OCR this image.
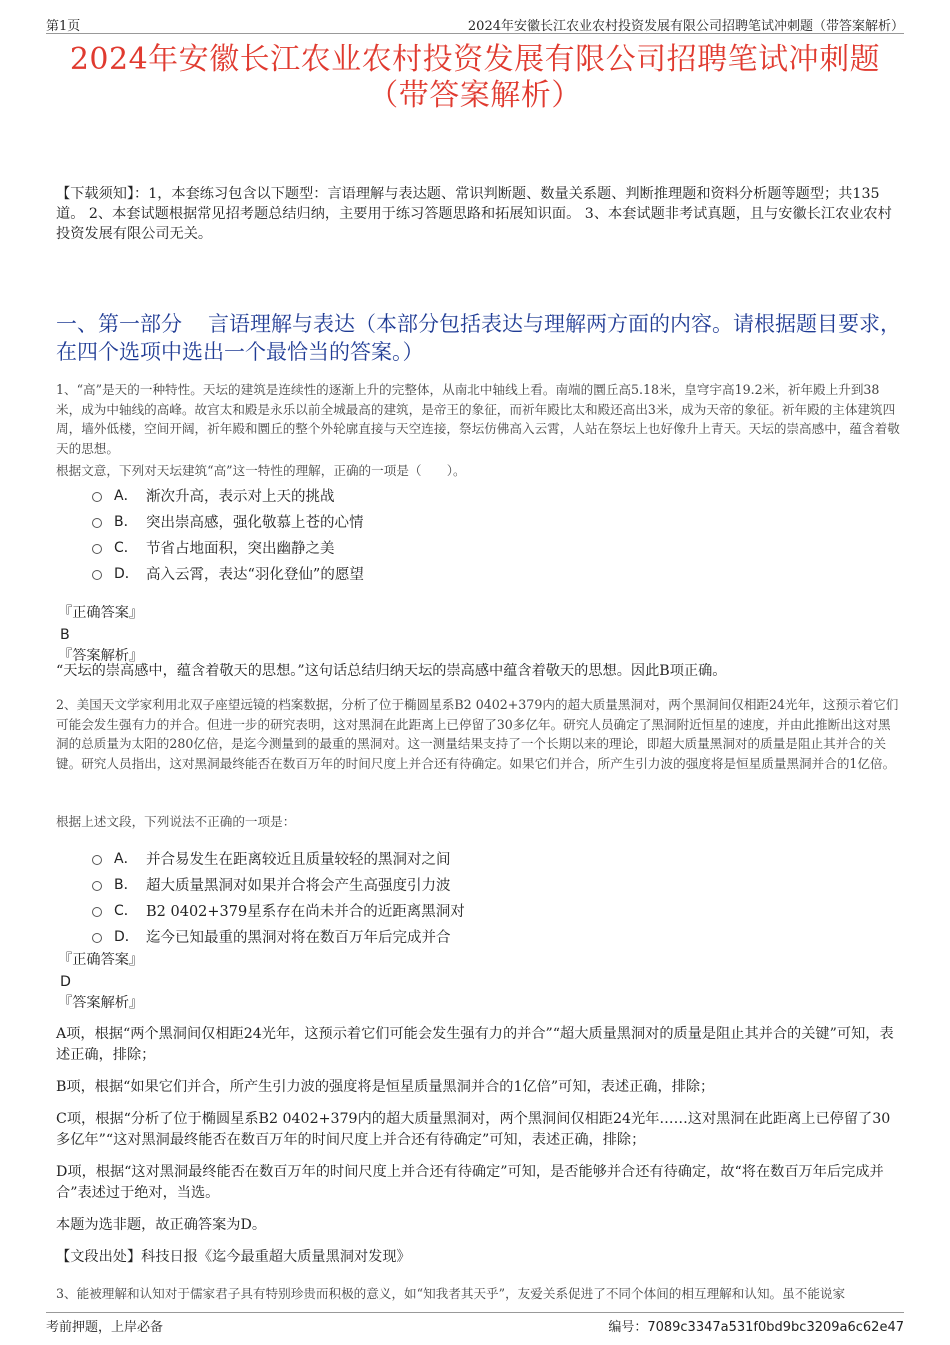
第1页	2024年安徽长江农业农村投资发展有限公司招聘笔试冲刺题（带答案解析）
2024年安徽长江农业农村投资发展有限公司招聘笔试冲刺题
（带答案解析）
【下载须知】：1，本套练习包含以下题型：言语理解与表达题、常识判断题、数量关系题、判断推理题和资料分析题等题型；共135道。 2、本套试题根据常见招考题总结归纳，主要用于练习答题思路和拓展知识面。 3、本套试题非考试真题，且与安徽长江农业农村投资发展有限公司无关。
一、第一部分 言语理解与表达（本部分包括表达与理解两方面的内容。请根据题目要求，在四个选项中选出一个最恰当的答案。）
1、“高”是天的一种特性。天坛的建筑是连续性的逐渐上升的完整体，从南北中轴线上看。南端的圜丘高5.18米，皇穹宇高19.2米，祈年殿上升到38米，成为中轴线的高峰。故宫太和殿是永乐以前全城最高的建筑，是帝王的象征，而祈年殿比太和殿还高出3米，成为天帝的象征。祈年殿的主体建筑四周，墙外低楼，空间开阔，祈年殿和圜丘的整个外轮廓直接与天空连接，祭坛仿佛高入云霄，人站在祭坛上也好像升上青天。天坛的崇高感中，蕴含着敬天的思想。
根据文意，下列对天坛建筑“高”这一特性的理解，正确的一项是（　　）。
A． 渐次升高，表示对上天的挑战
B． 突出崇高感，强化敬慕上苍的心情
C． 节省占地面积，突出幽静之美
D． 高入云霄，表达“羽化登仙”的愿望
『正确答案』
B
『答案解析』
“天坛的崇高感中，蕴含着敬天的思想。”这句话总结归纳天坛的崇高感中蕴含着敬天的思想。因此B项正确。
2、美国天文学家利用北双子座望远镜的档案数据，分析了位于椭圆星系B2 0402+379内的超大质量黑洞对，两个黑洞间仅相距24光年，这预示着它们可能会发生强有力的并合。但进一步的研究表明，这对黑洞在此距离上已停留了30多亿年。研究人员确定了黑洞附近恒星的速度，并由此推断出这对黑洞的总质量为太阳的280亿倍，是迄今测量到的最重的黑洞对。这一测量结果支持了一个长期以来的理论，即超大质量黑洞对的质量是阻止其并合的关键。研究人员指出，这对黑洞最终能否在数百万年的时间尺度上并合还有待确定。如果它们并合，所产生引力波的强度将是恒星质量黑洞并合的1亿倍。
根据上述文段，下列说法不正确的一项是：
A． 并合易发生在距离较近且质量较轻的黑洞对之间
B． 超大质量黑洞对如果并合将会产生高强度引力波
C． B2 0402+379星系存在尚未并合的近距离黑洞对
D． 迄今已知最重的黑洞对将在数百万年后完成并合
『正确答案』
D
『答案解析』

A项，根据“两个黑洞间仅相距24光年，这预示着它们可能会发生强有力的并合”“超大质量黑洞对的质量是阻止其并合的关键”可知，表述正确，排除；

B项，根据“如果它们并合，所产生引力波的强度将是恒星质量黑洞并合的1亿倍”可知，表述正确，排除；

C项，根据“分析了位于椭圆星系B2 0402+379内的超大质量黑洞对，两个黑洞间仅相距24光年……这对黑洞在此距离上已停留了30多亿年”“这对黑洞最终能否在数百万年的时间尺度上并合还有待确定”可知，表述正确，排除；

D项，根据“这对黑洞最终能否在数百万年的时间尺度上并合还有待确定”可知，是否能够并合还有待确定，故“将在数百万年后完成并合”表述过于绝对，当选。

本题为选非题，故正确答案为D。

【文段出处】科技日报《迄今最重超大质量黑洞对发现》

3、能被理解和认知对于儒家君子具有特别珍贵而积极的意义，如“知我者其天乎”，友爱关系促进了不同个体间的相互理解和认知。虽不能说家
考前押题，上岸必备	编号：7089c3347a531f0bd9bc3209a6c62e47
